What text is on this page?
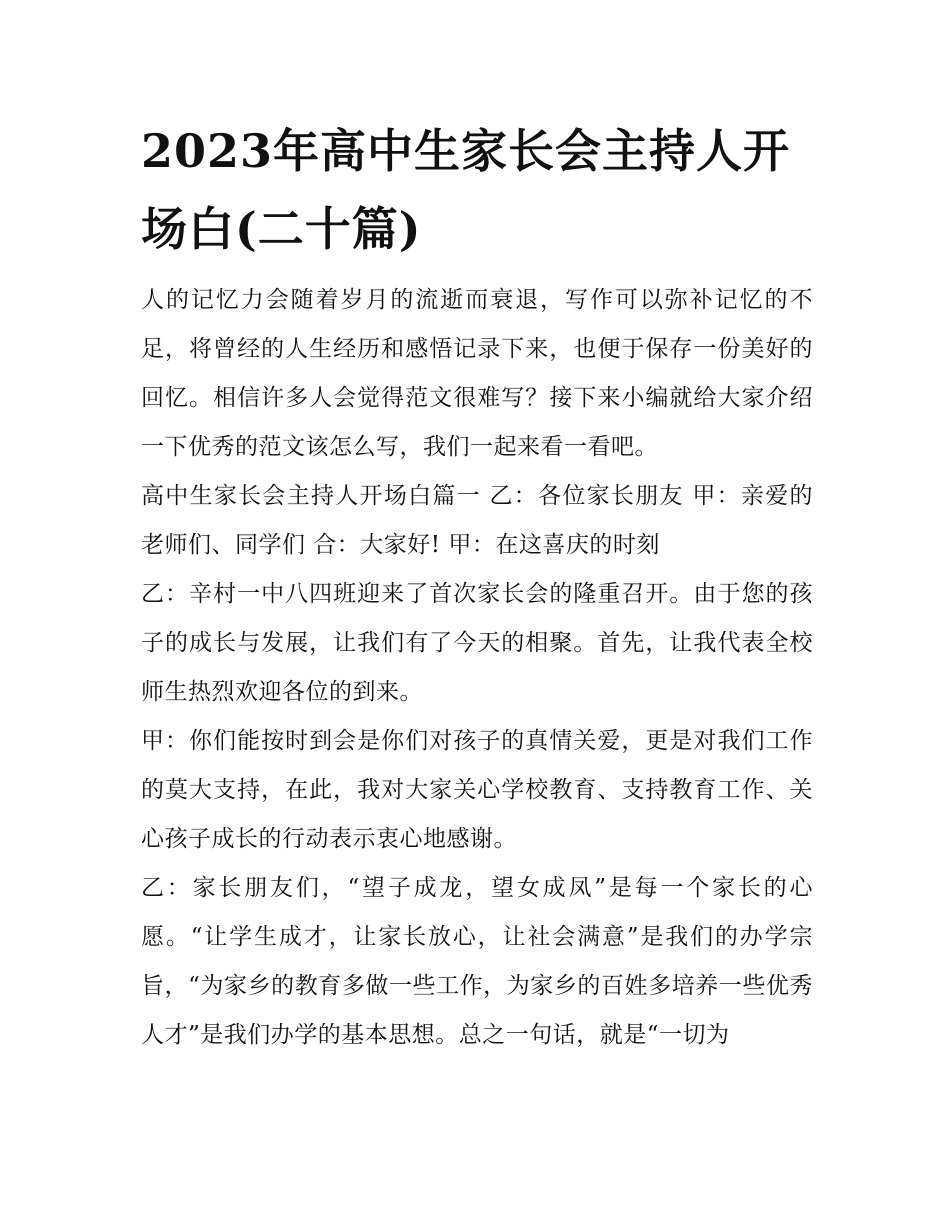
2023年高中生家长会主持人开场白(二十篇)

人的记忆力会随着岁月的流逝而衰退，写作可以弥补记忆的不足，将曾经的人生经历和感悟记录下来，也便于保存一份美好的回忆。相信许多人会觉得范文很难写？接下来小编就给大家介绍一下优秀的范文该怎么写，我们一起来看一看吧。

高中生家长会主持人开场白篇一 乙：各位家长朋友 甲：亲爱的老师们、同学们 合：大家好! 甲：在这喜庆的时刻

乙：辛村一中八四班迎来了首次家长会的隆重召开。由于您的孩子的成长与发展，让我们有了今天的相聚。首先，让我代表全校师生热烈欢迎各位的到来。

甲：你们能按时到会是你们对孩子的真情关爱，更是对我们工作的莫大支持，在此，我对大家关心学校教育、支持教育工作、关心孩子成长的行动表示衷心地感谢。

乙：家长朋友们，“望子成龙，望女成凤”是每一个家长的心愿。“让学生成才，让家长放心，让社会满意”是我们的办学宗旨，“为家乡的教育多做一些工作，为家乡的百姓多培养一些优秀人才”是我们办学的基本思想。总之一句话，就是“一切为
